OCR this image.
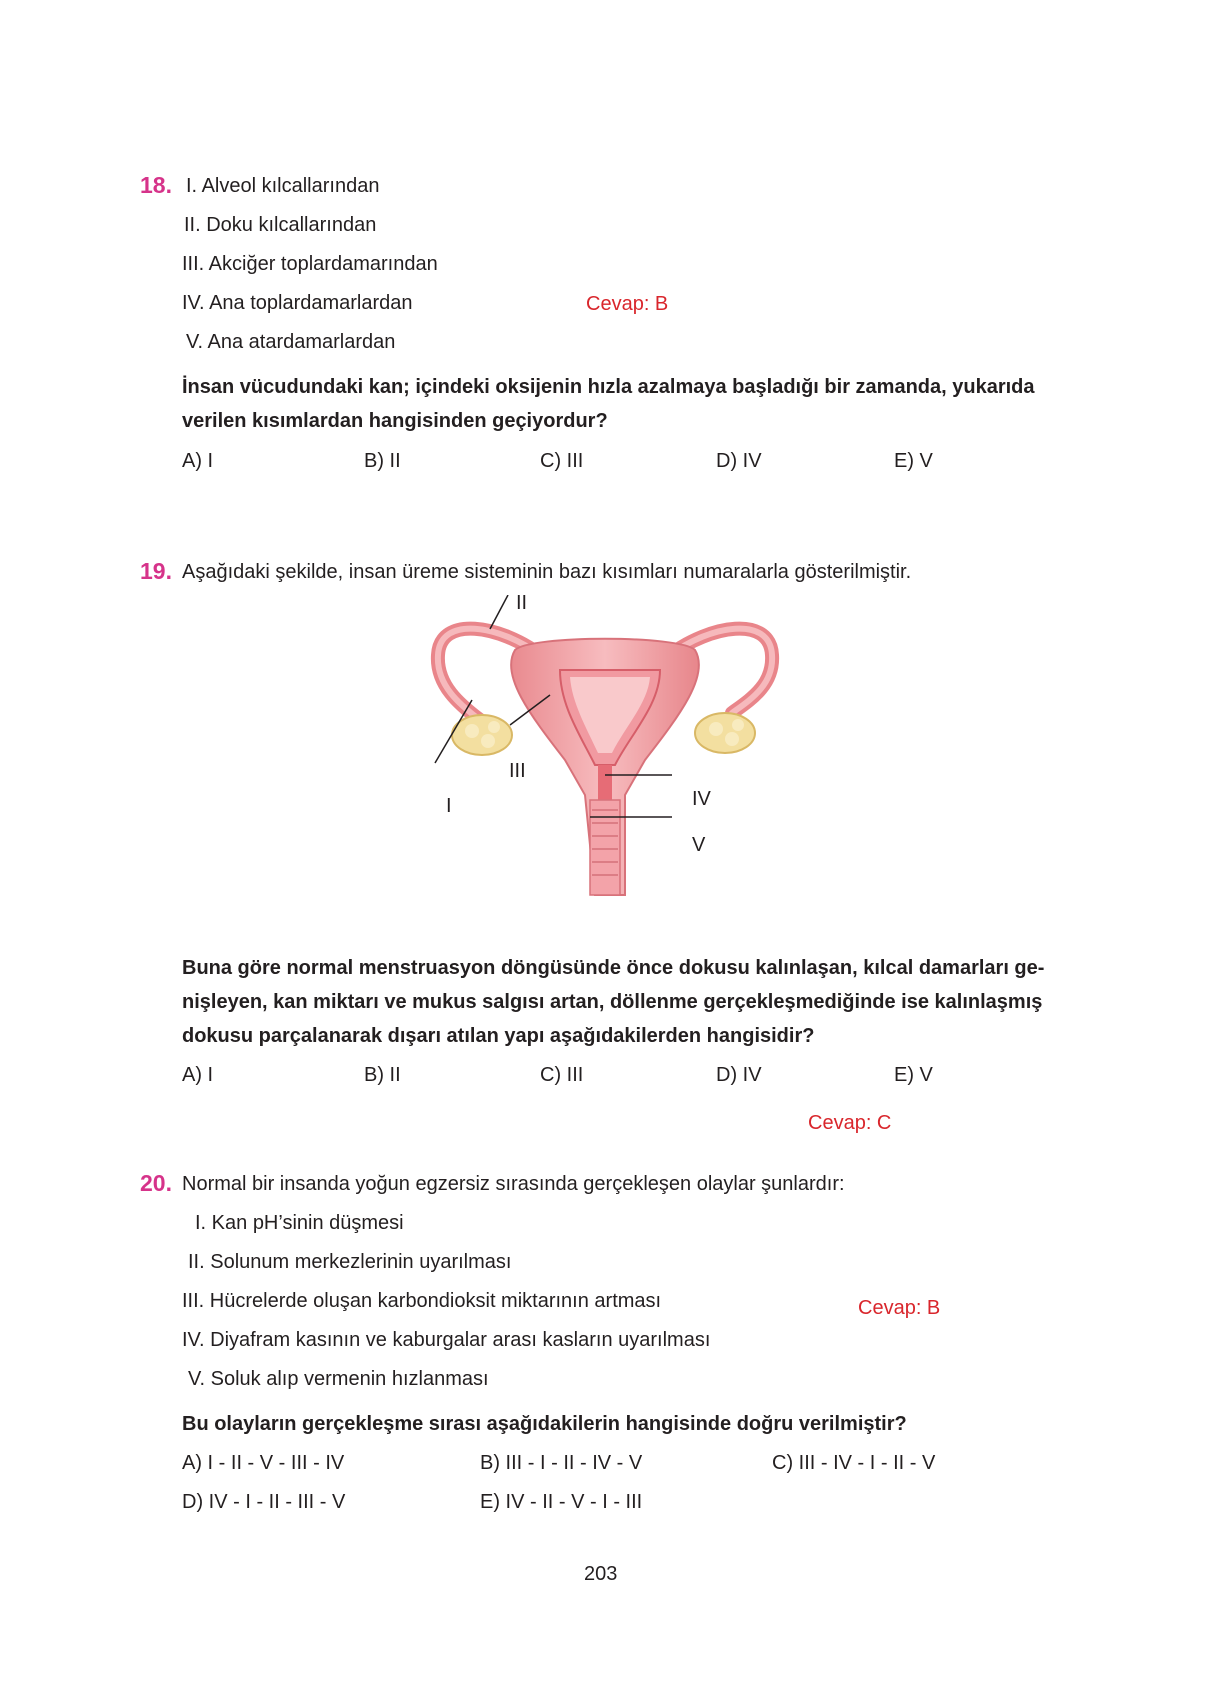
18. I. Alveol kılcallarından
II. Doku kılcallarından
III. Akciğer toplardamarından
IV. Ana toplardamarlardan
V. Ana atardamarlardan
Cevap: B
İnsan vücudundaki kan; içindeki oksijenin hızla azalmaya başladığı bir zamanda, yukarıda
verilen kısımlardan hangisinden geçiyordur?
A) I	B) II	C) III	D) IV	E) V
19. Aşağıdaki şekilde, insan üreme sisteminin bazı kısımları numaralarla gösterilmiştir.
II
III
I	IV
V
Buna göre normal menstruasyon döngüsünde önce dokusu kalınlaşan, kılcal damarları ge-
nişleyen, kan miktarı ve mukus salgısı artan, döllenme gerçekleşmediğinde ise kalınlaşmış
dokusu parçalanarak dışarı atılan yapı aşağıdakilerden hangisidir?
A) I	B) II	C) III	D) IV	E) V
Cevap: C
20. Normal bir insanda yoğun egzersiz sırasında gerçekleşen olaylar şunlardır:
I. Kan pH’sinin düşmesi
II. Solunum merkezlerinin uyarılması
III. Hücrelerde oluşan karbondioksit miktarının artması
IV. Diyafram kasının ve kaburgalar arası kasların uyarılması
V. Soluk alıp vermenin hızlanması
Cevap: B
Bu olayların gerçekleşme sırası aşağıdakilerin hangisinde doğru verilmiştir?
A) I - II - V - III - IV	B) III - I - II - IV - V	C) III - IV - I - II - V
D) IV - I - II - III - V	E) IV - II - V - I - III
203
